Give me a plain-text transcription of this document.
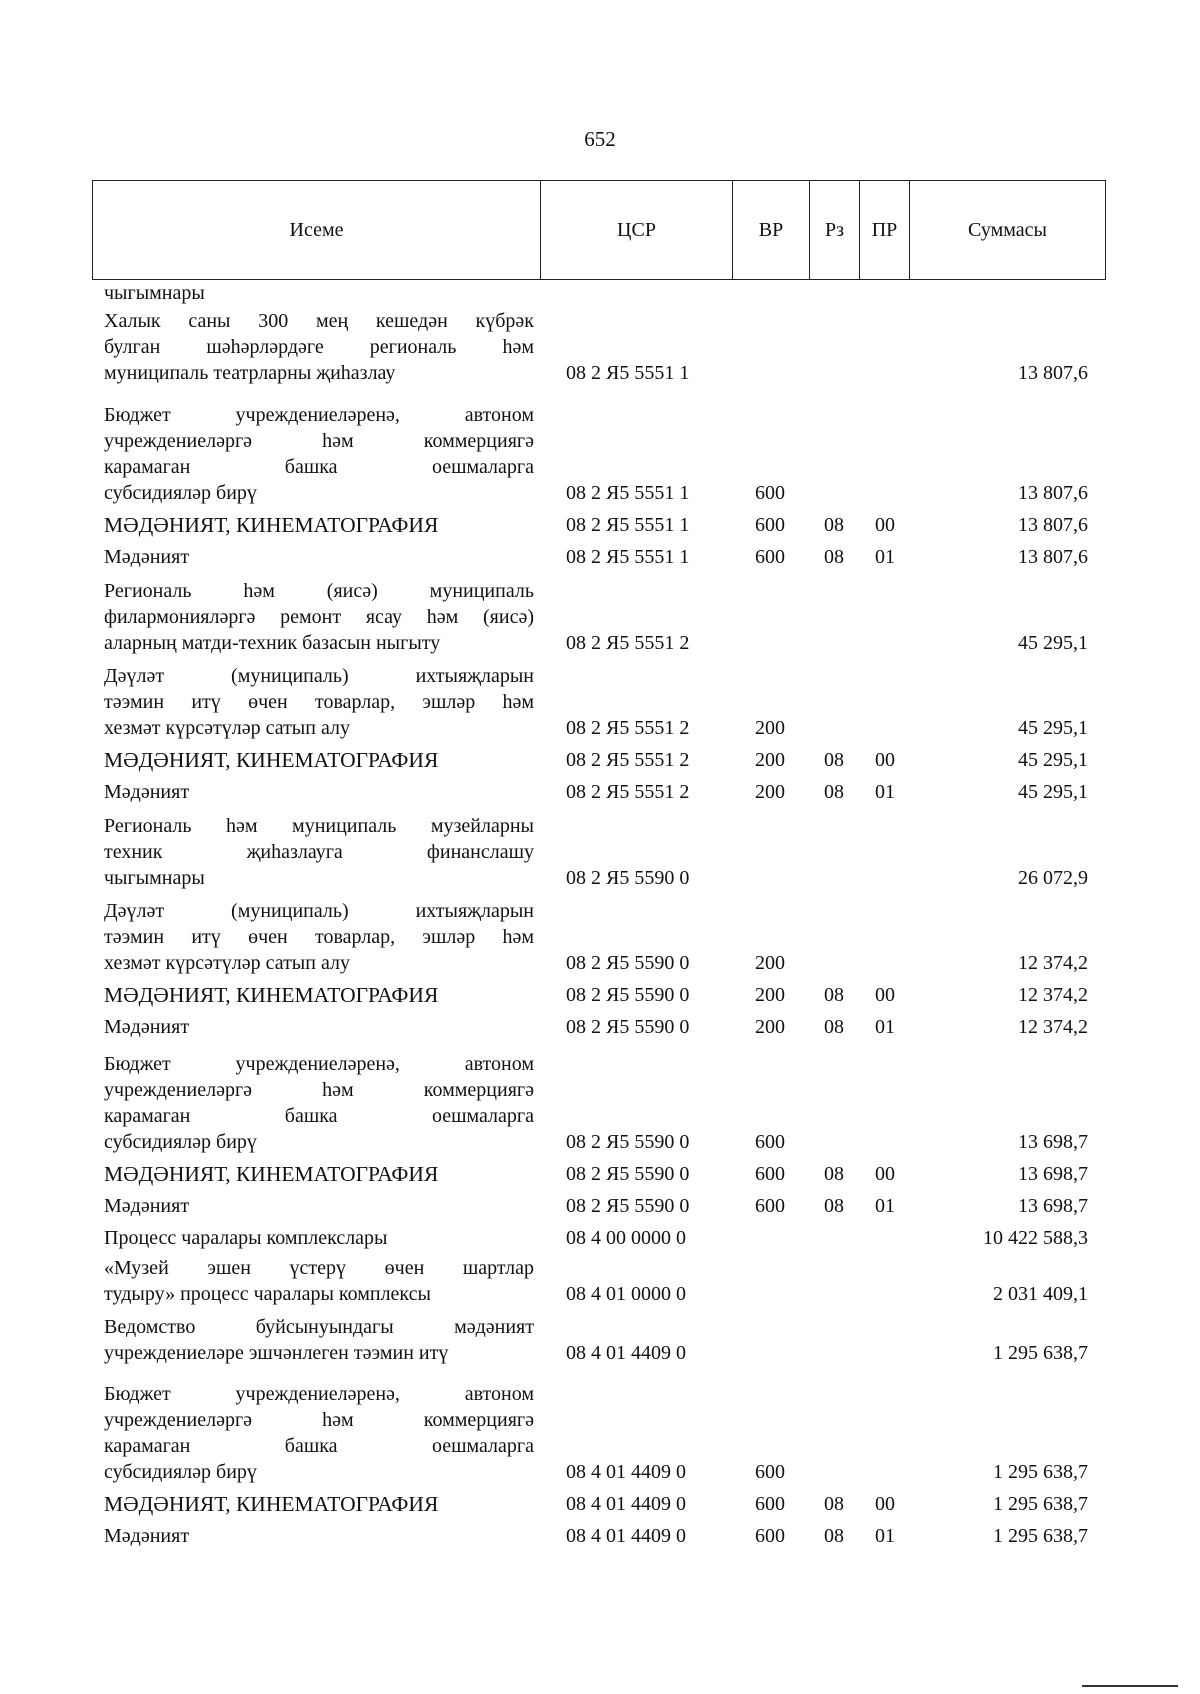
652
Исеме	ЦСР	ВР	Рз	ПР	Суммасы
чыгымнары
Халык саны 300 мең кешедән күбрәк
булган шәһәрләрдәге региональ һәм
муниципаль театрларны җиһазлау	08 2 Я5 5551 1	13 807,6
Бюджет учреждениеләренә, автоном
учреждениеләргә һәм коммерциягә
карамаган башка оешмаларга
субсидияләр бирү	08 2 Я5 5551 1	600	13 807,6
МӘДӘНИЯТ, КИНЕМАТОГРАФИЯ	08 2 Я5 5551 1	600 08 00	13 807,6
Мәдәният	08 2 Я5 5551 1	600 08 01	13 807,6
Региональ һәм (яисә) муниципаль
филармонияләргә ремонт ясау һәм (яисә)
аларның матди-техник базасын ныгыту	08 2 Я5 5551 2	45 295,1
Дәүләт (муниципаль) ихтыяҗларын
тәэмин итү өчен товарлар, эшләр һәм
хезмәт күрсәтүләр сатып алу	08 2 Я5 5551 2	200	45 295,1
МӘДӘНИЯТ, КИНЕМАТОГРАФИЯ	08 2 Я5 5551 2	200 08 00	45 295,1
Мәдәният	08 2 Я5 5551 2	200 08 01	45 295,1
Региональ һәм муниципаль музейларны
техник җиһазлауга финанслашу
чыгымнары	08 2 Я5 5590 0	26 072,9
Дәүләт (муниципаль) ихтыяҗларын
тәэмин итү өчен товарлар, эшләр һәм
хезмәт күрсәтүләр сатып алу	08 2 Я5 5590 0	200	12 374,2
МӘДӘНИЯТ, КИНЕМАТОГРАФИЯ	08 2 Я5 5590 0	200 08 00	12 374,2
Мәдәният	08 2 Я5 5590 0	200 08 01	12 374,2
Бюджет учреждениеләренә, автоном
учреждениеләргә һәм коммерциягә
карамаган башка оешмаларга
субсидияләр бирү	08 2 Я5 5590 0	600	13 698,7
МӘДӘНИЯТ, КИНЕМАТОГРАФИЯ	08 2 Я5 5590 0	600 08 00	13 698,7
Мәдәният	08 2 Я5 5590 0	600 08 01	13 698,7
Процесс чаралары комплекслары	08 4 00 0000 0	10 422 588,3
«Музей эшен үстерү өчен шартлар
тудыру» процесс чаралары комплексы	08 4 01 0000 0	2 031 409,1
Ведомство буйсынуындагы мәдәният
учреждениеләре эшчәнлеген тәэмин итү	08 4 01 4409 0	1 295 638,7
Бюджет учреждениеләренә, автоном
учреждениеләргә һәм коммерциягә
карамаган башка оешмаларга
субсидияләр бирү	08 4 01 4409 0	600	1 295 638,7
МӘДӘНИЯТ, КИНЕМАТОГРАФИЯ	08 4 01 4409 0	600 08 00	1 295 638,7
Мәдәният	08 4 01 4409 0	600 08 01	1 295 638,7
